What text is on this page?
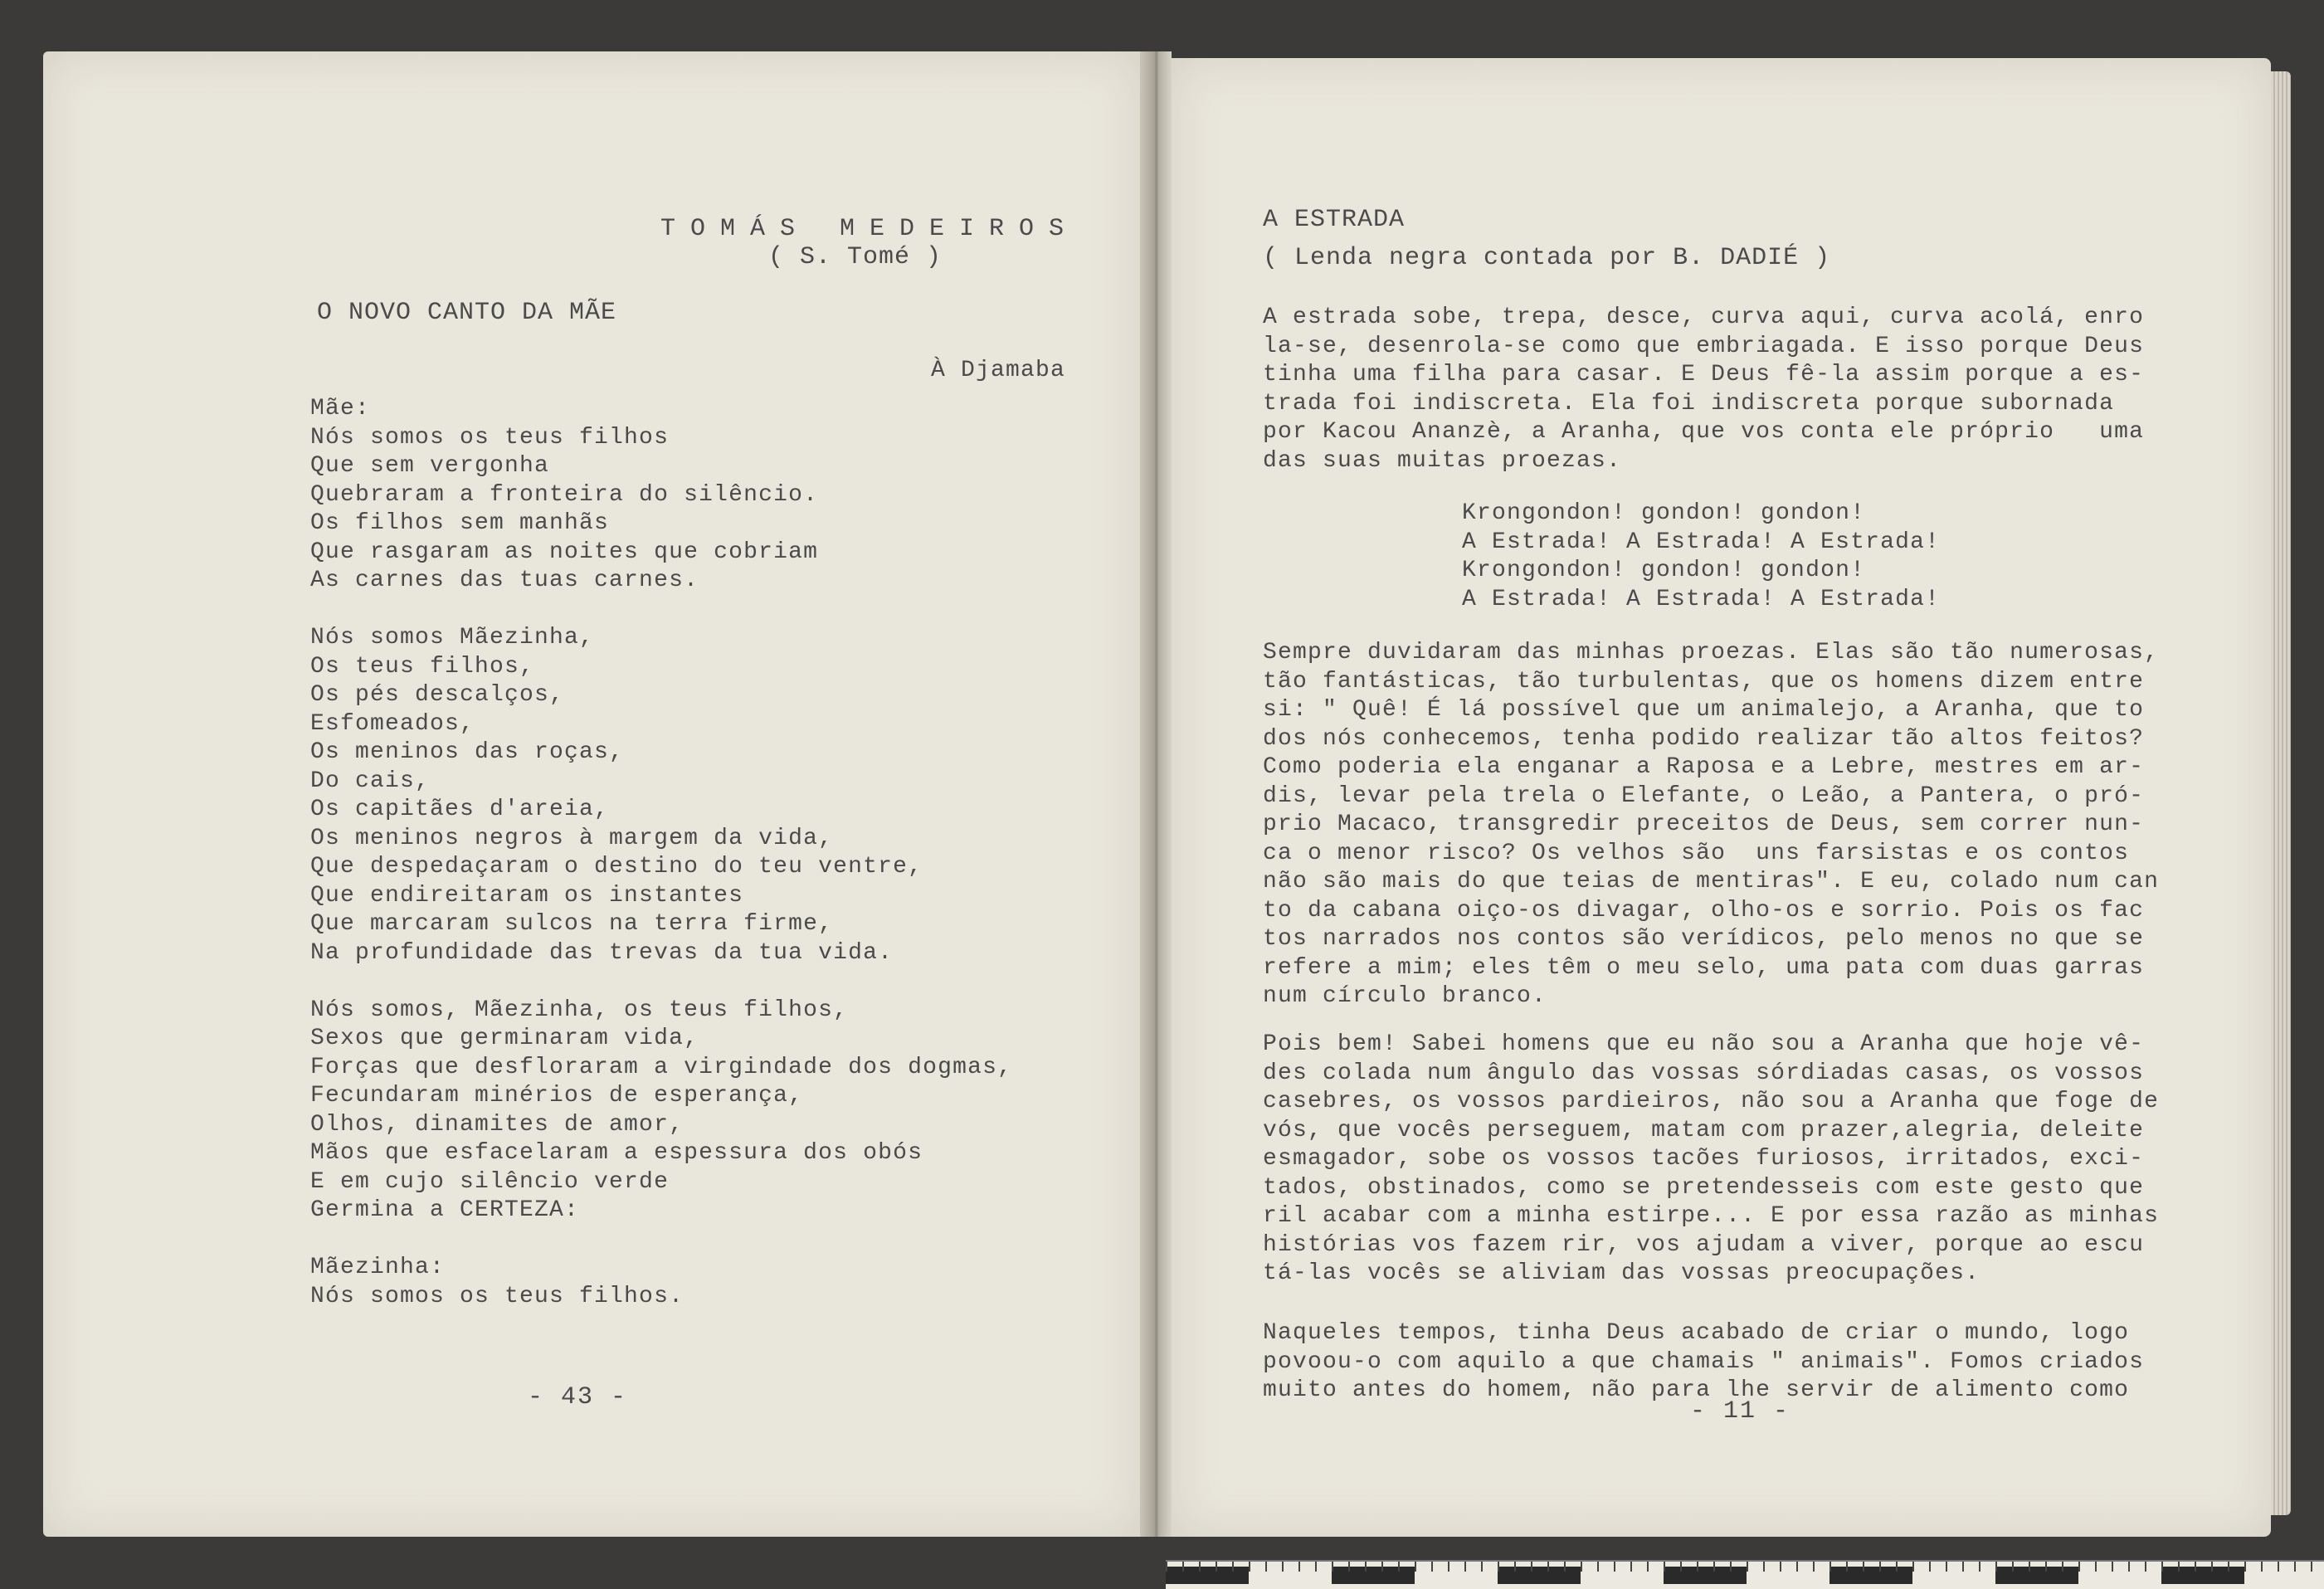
TOMÁS MEDEIROS
( S. Tomé )
O NOVO CANTO DA MÃE
À Djamaba
Mãe:
Nós somos os teus filhos
Que sem vergonha
Quebraram a fronteira do silêncio.
Os filhos sem manhãs
Que rasgaram as noites que cobriam
As carnes das tuas carnes.
Nós somos Mãezinha,
Os teus filhos,
Os pés descalços,
Esfomeados,
Os meninos das roças,
Do cais,
Os capitães d'areia,
Os meninos negros à margem da vida,
Que despedaçaram o destino do teu ventre,
Que endireitaram os instantes
Que marcaram sulcos na terra firme,
Na profundidade das trevas da tua vida.
Nós somos, Mãezinha, os teus filhos,
Sexos que germinaram vida,
Forças que desfloraram a virgindade dos dogmas,
Fecundaram minérios de esperança,
Olhos, dinamites de amor,
Mãos que esfacelaram a espessura dos obós
E em cujo silêncio verde
Germina a CERTEZA:
Mãezinha:
Nós somos os teus filhos.
- 43 -
A ESTRADA
( Lenda negra contada por B. DADIÉ )
A estrada sobe, trepa, desce, curva aqui, curva acolá, enro
la-se, desenrola-se como que embriagada. E isso porque Deus
tinha uma filha para casar. E Deus fê-la assim porque a es-
trada foi indiscreta. Ela foi indiscreta porque subornada
por Kacou Ananzè, a Aranha, que vos conta ele próprio   uma
das suas muitas proezas.
Krongondon! gondon! gondon!
A Estrada! A Estrada! A Estrada!
Krongondon! gondon! gondon!
A Estrada! A Estrada! A Estrada!
Sempre duvidaram das minhas proezas. Elas são tão numerosas,
tão fantásticas, tão turbulentas, que os homens dizem entre
si: " Quê! É lá possível que um animalejo, a Aranha, que to
dos nós conhecemos, tenha podido realizar tão altos feitos?
Como poderia ela enganar a Raposa e a Lebre, mestres em ar-
dis, levar pela trela o Elefante, o Leão, a Pantera, o pró-
prio Macaco, transgredir preceitos de Deus, sem correr nun-
ca o menor risco? Os velhos são  uns farsistas e os contos
não são mais do que teias de mentiras". E eu, colado num can
to da cabana oiço-os divagar, olho-os e sorrio. Pois os fac
tos narrados nos contos são verídicos, pelo menos no que se
refere a mim; eles têm o meu selo, uma pata com duas garras
num círculo branco.
Pois bem! Sabei homens que eu não sou a Aranha que hoje vê-
des colada num ângulo das vossas sórdiadas casas, os vossos
casebres, os vossos pardieiros, não sou a Aranha que foge de
vós, que vocês perseguem, matam com prazer,alegria, deleite
esmagador, sobe os vossos tacões furiosos, irritados, exci-
tados, obstinados, como se pretendesseis com este gesto que
ril acabar com a minha estirpe... E por essa razão as minhas
histórias vos fazem rir, vos ajudam a viver, porque ao escu
tá-las vocês se aliviam das vossas preocupações.
Naqueles tempos, tinha Deus acabado de criar o mundo, logo
povoou-o com aquilo a que chamais " animais". Fomos criados
muito antes do homem, não para lhe servir de alimento como
- 11 -
